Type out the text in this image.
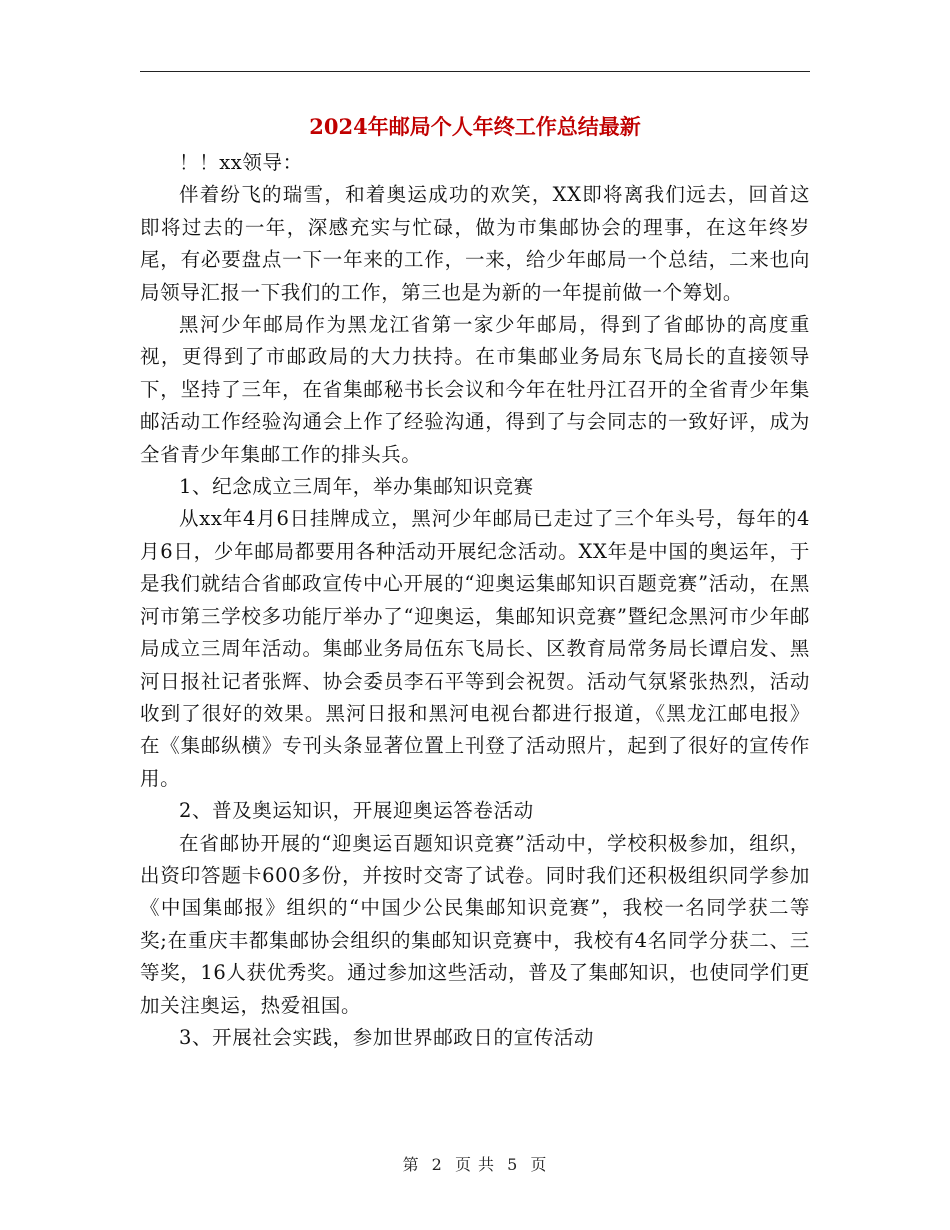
2024年邮局个人年终工作总结最新

！！xx领导：

伴着纷飞的瑞雪，和着奥运成功的欢笑，XX即将离我们远去，回首这即将过去的一年，深感充实与忙碌，做为市集邮协会的理事，在这年终岁尾，有必要盘点一下一年来的工作，一来，给少年邮局一个总结，二来也向局领导汇报一下我们的工作，第三也是为新的一年提前做一个筹划。

黑河少年邮局作为黑龙江省第一家少年邮局，得到了省邮协的高度重视，更得到了市邮政局的大力扶持。在市集邮业务局东飞局长的直接领导下，坚持了三年，在省集邮秘书长会议和今年在牡丹江召开的全省青少年集邮活动工作经验沟通会上作了经验沟通，得到了与会同志的一致好评，成为全省青少年集邮工作的排头兵。

1、纪念成立三周年，举办集邮知识竞赛

从xx年4月6日挂牌成立，黑河少年邮局已走过了三个年头号，每年的4月6日，少年邮局都要用各种活动开展纪念活动。XX年是中国的奥运年，于是我们就结合省邮政宣传中心开展的“迎奥运集邮知识百题竞赛”活动，在黑河市第三学校多功能厅举办了“迎奥运，集邮知识竞赛”暨纪念黑河市少年邮局成立三周年活动。集邮业务局伍东飞局长、区教育局常务局长谭启发、黑河日报社记者张辉、协会委员李石平等到会祝贺。活动气氛紧张热烈，活动收到了很好的效果。黑河日报和黑河电视台都进行报道，《黑龙江邮电报》在《集邮纵横》专刊头条显著位置上刊登了活动照片，起到了很好的宣传作用。

2、普及奥运知识，开展迎奥运答卷活动

在省邮协开展的“迎奥运百题知识竞赛”活动中，学校积极参加，组织，出资印答题卡600多份，并按时交寄了试卷。同时我们还积极组织同学参加《中国集邮报》组织的“中国少公民集邮知识竞赛”，我校一名同学获二等奖;在重庆丰都集邮协会组织的集邮知识竞赛中，我校有4名同学分获二、三等奖，16人获优秀奖。通过参加这些活动，普及了集邮知识，也使同学们更加关注奥运，热爱祖国。

3、开展社会实践，参加世界邮政日的宣传活动

第 2 页 共 5 页
